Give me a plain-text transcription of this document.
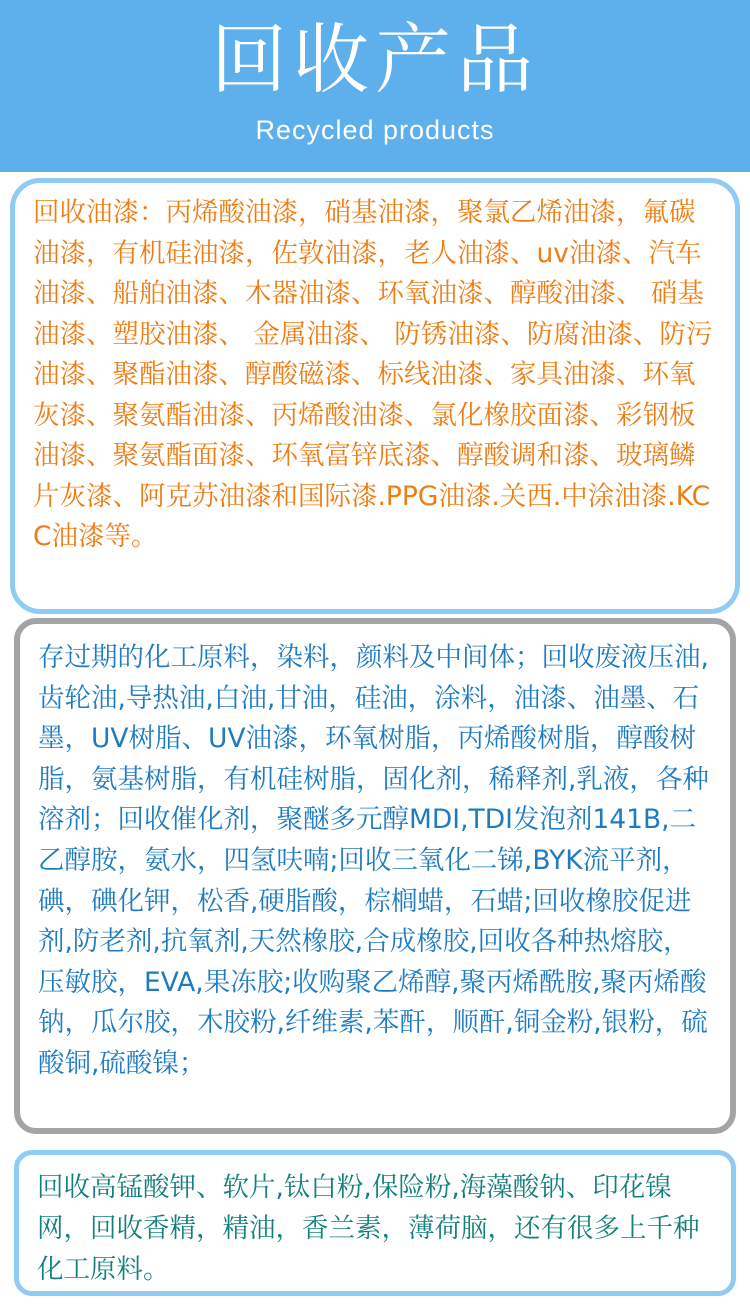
回收产品
Recycled products

回收油漆：丙烯酸油漆，硝基油漆，聚氯乙烯油漆，氟碳油漆，有机硅油漆，佐敦油漆，老人油漆、uv油漆、汽车油漆、船舶油漆、木器油漆、环氧油漆、醇酸油漆、 硝基油漆、塑胶油漆、 金属油漆、 防锈油漆、防腐油漆、防污油漆、聚酯油漆、醇酸磁漆、标线油漆、家具油漆、环氧灰漆、聚氨酯油漆、丙烯酸油漆、氯化橡胶面漆、彩钢板油漆、聚氨酯面漆、环氧富锌底漆、醇酸调和漆、玻璃鳞片灰漆、阿克苏油漆和国际漆.PPG油漆.关西.中涂油漆.KCC油漆等。

存过期的化工原料，染料，颜料及中间体；回收废液压油,齿轮油,导热油,白油,甘油，硅油，涂料，油漆、油墨、石墨，UV树脂、UV油漆，环氧树脂，丙烯酸树脂，醇酸树脂，氨基树脂，有机硅树脂，固化剂，稀释剂,乳液，各种溶剂；回收催化剂，聚醚多元醇MDI,TDI发泡剂141B,二乙醇胺，氨水，四氢呋喃;回收三氧化二锑,BYK流平剂，碘，碘化钾，松香,硬脂酸，棕榈蜡，石蜡;回收橡胶促进剂,防老剂,抗氧剂,天然橡胶,合成橡胶,回收各种热熔胶，压敏胶，EVA,果冻胶;收购聚乙烯醇,聚丙烯酰胺,聚丙烯酸钠，瓜尔胶，木胶粉,纤维素,苯酐，顺酐,铜金粉,银粉，硫酸铜,硫酸镍；

回收高锰酸钾、软片,钛白粉,保险粉,海藻酸钠、印花镍网，回收香精，精油，香兰素，薄荷脑，还有很多上千种化工原料。
